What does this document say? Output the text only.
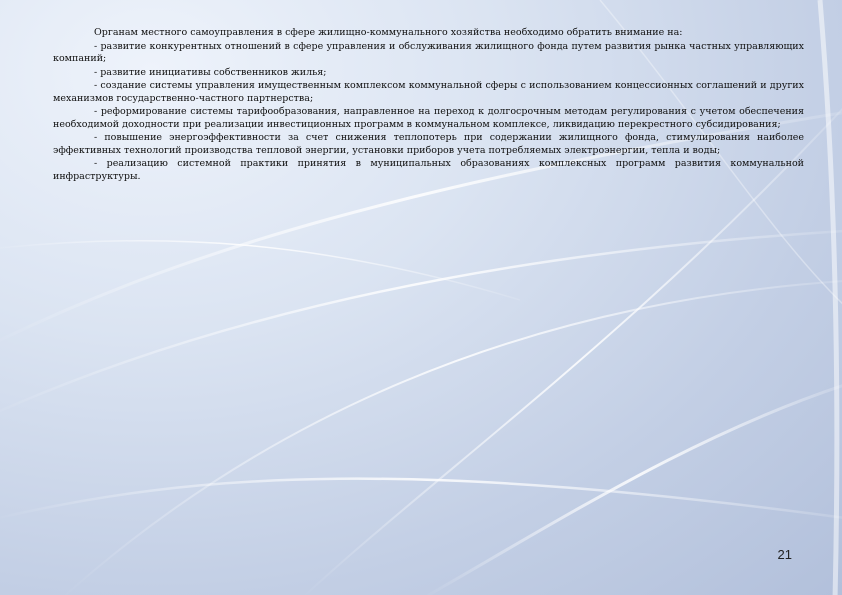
Органам местного самоуправления в сфере жилищно-коммунального хозяйства необходимо обратить внимание на:

- развитие конкурентных отношений в сфере управления и обслуживания жилищного фонда путем развития рынка частных управляющих компаний;

- развитие инициативы собственников жилья;

- создание системы управления имущественным комплексом коммунальной сферы с использованием концессионных соглашений и других механизмов государственно-частного партнерства;

- реформирование системы тарифообразования, направленное на переход к долгосрочным методам регулирования с учетом обеспечения необходимой доходности при реализации инвестиционных программ в коммунальном комплексе, ликвидацию перекрестного субсидирования;

- повышение энергоэффективности за счет снижения теплопотерь при содержании жилищного фонда, стимулирования наиболее эффективных технологий производства тепловой энергии, установки приборов учета потребляемых электроэнергии, тепла и воды;

- реализацию системной практики принятия в муниципальных образованиях комплексных программ развития коммунальной инфраструктуры.

21
